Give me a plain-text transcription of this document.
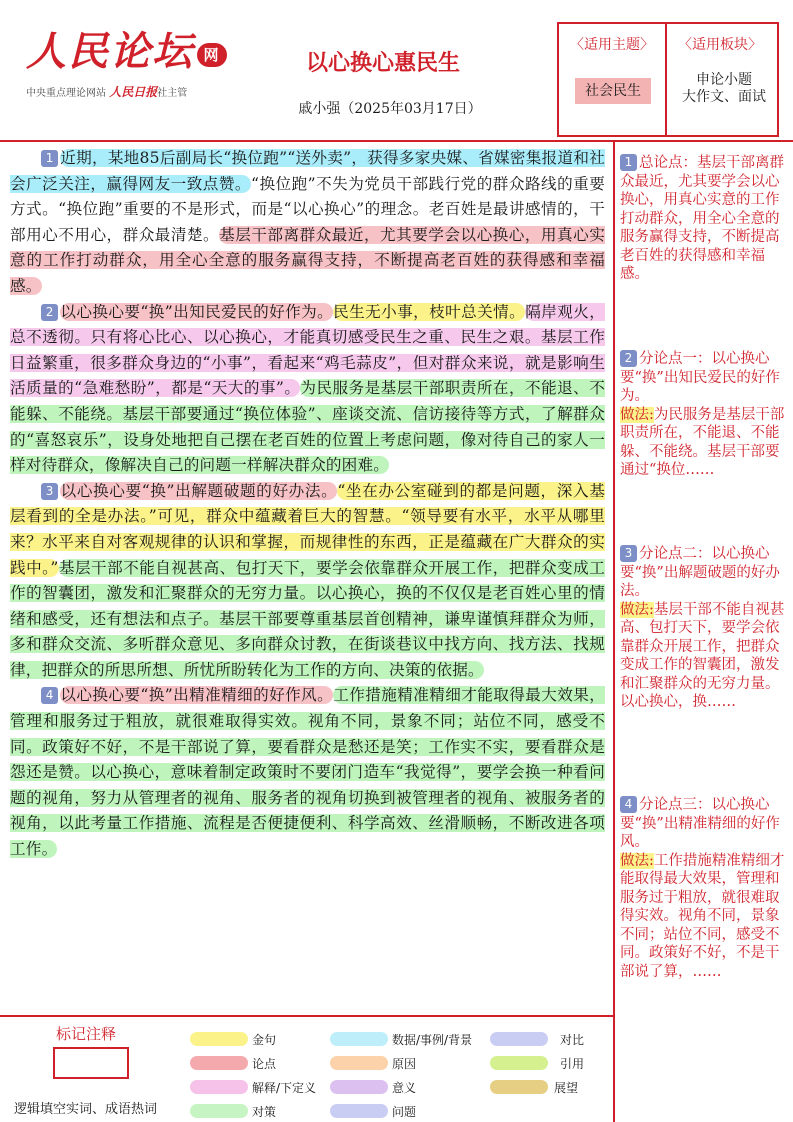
人民论坛 网
中央重点理论网站 人民日报社主管
以心换心惠民生
戚小强（2025年03月17日）
〈适用主题〉	〈适用板块〉
社会民生
申论小题
大作文、面试

1 近期，某地85后副局长“换位跑”“送外卖”，获得多家央媒、省媒密集报道和社会广泛关注，赢得网友一致点赞。“换位跑”不失为党员干部践行党的群众路线的重要方式。“换位跑”重要的不是形式，而是“以心换心”的理念。老百姓是最讲感情的，干部用心不用心，群众最清楚。基层干部离群众最近，尤其要学会以心换心，用真心实意的工作打动群众，用全心全意的服务赢得支持，不断提高老百姓的获得感和幸福感。

2 以心换心要“换”出知民爱民的好作为。民生无小事，枝叶总关情。隔岸观火，总不透彻。只有将心比心、以心换心，才能真切感受民生之重、民生之艰。基层工作日益繁重，很多群众身边的“小事”，看起来“鸡毛蒜皮”，但对群众来说，就是影响生活质量的“急难愁盼”，都是“天大的事”。为民服务是基层干部职责所在，不能退、不能躲、不能绕。基层干部要通过“换位体验”、座谈交流、信访接待等方式，了解群众的“喜怒哀乐”，设身处地把自己摆在老百姓的位置上考虑问题，像对待自己的家人一样对待群众，像解决自己的问题一样解决群众的困难。

3 以心换心要“换”出解题破题的好办法。“坐在办公室碰到的都是问题，深入基层看到的全是办法。”可见，群众中蕴藏着巨大的智慧。“领导要有水平，水平从哪里来？水平来自对客观规律的认识和掌握，而规律性的东西，正是蕴藏在广大群众的实践中。”基层干部不能自视甚高、包打天下，要学会依靠群众开展工作，把群众变成工作的智囊团，激发和汇聚群众的无穷力量。以心换心，换的不仅仅是老百姓心里的情绪和感受，还有想法和点子。基层干部要尊重基层首创精神，谦卑谨慎拜群众为师，多和群众交流、多听群众意见、多向群众讨教，在街谈巷议中找方向、找方法、找规律，把群众的所思所想、所忧所盼转化为工作的方向、决策的依据。

4 以心换心要“换”出精准精细的好作风。工作措施精准精细才能取得最大效果，管理和服务过于粗放，就很难取得实效。视角不同，景象不同；站位不同，感受不同。政策好不好，不是干部说了算，要看群众是愁还是笑；工作实不实，要看群众是怨还是赞。以心换心，意味着制定政策时不要闭门造车“我觉得”，要学会换一种看问题的视角，努力从管理者的视角、服务者的视角切换到被管理者的视角、被服务者的视角，以此考量工作措施、流程是否便捷便利、科学高效、丝滑顺畅，不断改进各项工作。

1 总论点：基层干部离群众最近，尤其要学会以心换心，用真心实意的工作打动群众，用全心全意的服务赢得支持，不断提高老百姓的获得感和幸福感。
2 分论点一：以心换心要“换”出知民爱民的好作为。
做法:为民服务是基层干部职责所在，不能退、不能躲、不能绕。基层干部要通过“换位……
3 分论点二：以心换心要“换”出解题破题的好办法。
做法:基层干部不能自视甚高、包打天下，要学会依靠群众开展工作，把群众变成工作的智囊团，激发和汇聚群众的无穷力量。以心换心，换……
4 分论点三：以心换心要“换”出精准精细的好作风。
做法:工作措施精准精细才能取得最大效果，管理和服务过于粗放，就很难取得实效。视角不同，景象不同；站位不同，感受不同。政策好不好，不是干部说了算，……
标记注释
逻辑填空实词、成语热词
金句
论点
解释/下定义
对策
数据/事例/背景
原因
意义
问题
对比
引用
展望
